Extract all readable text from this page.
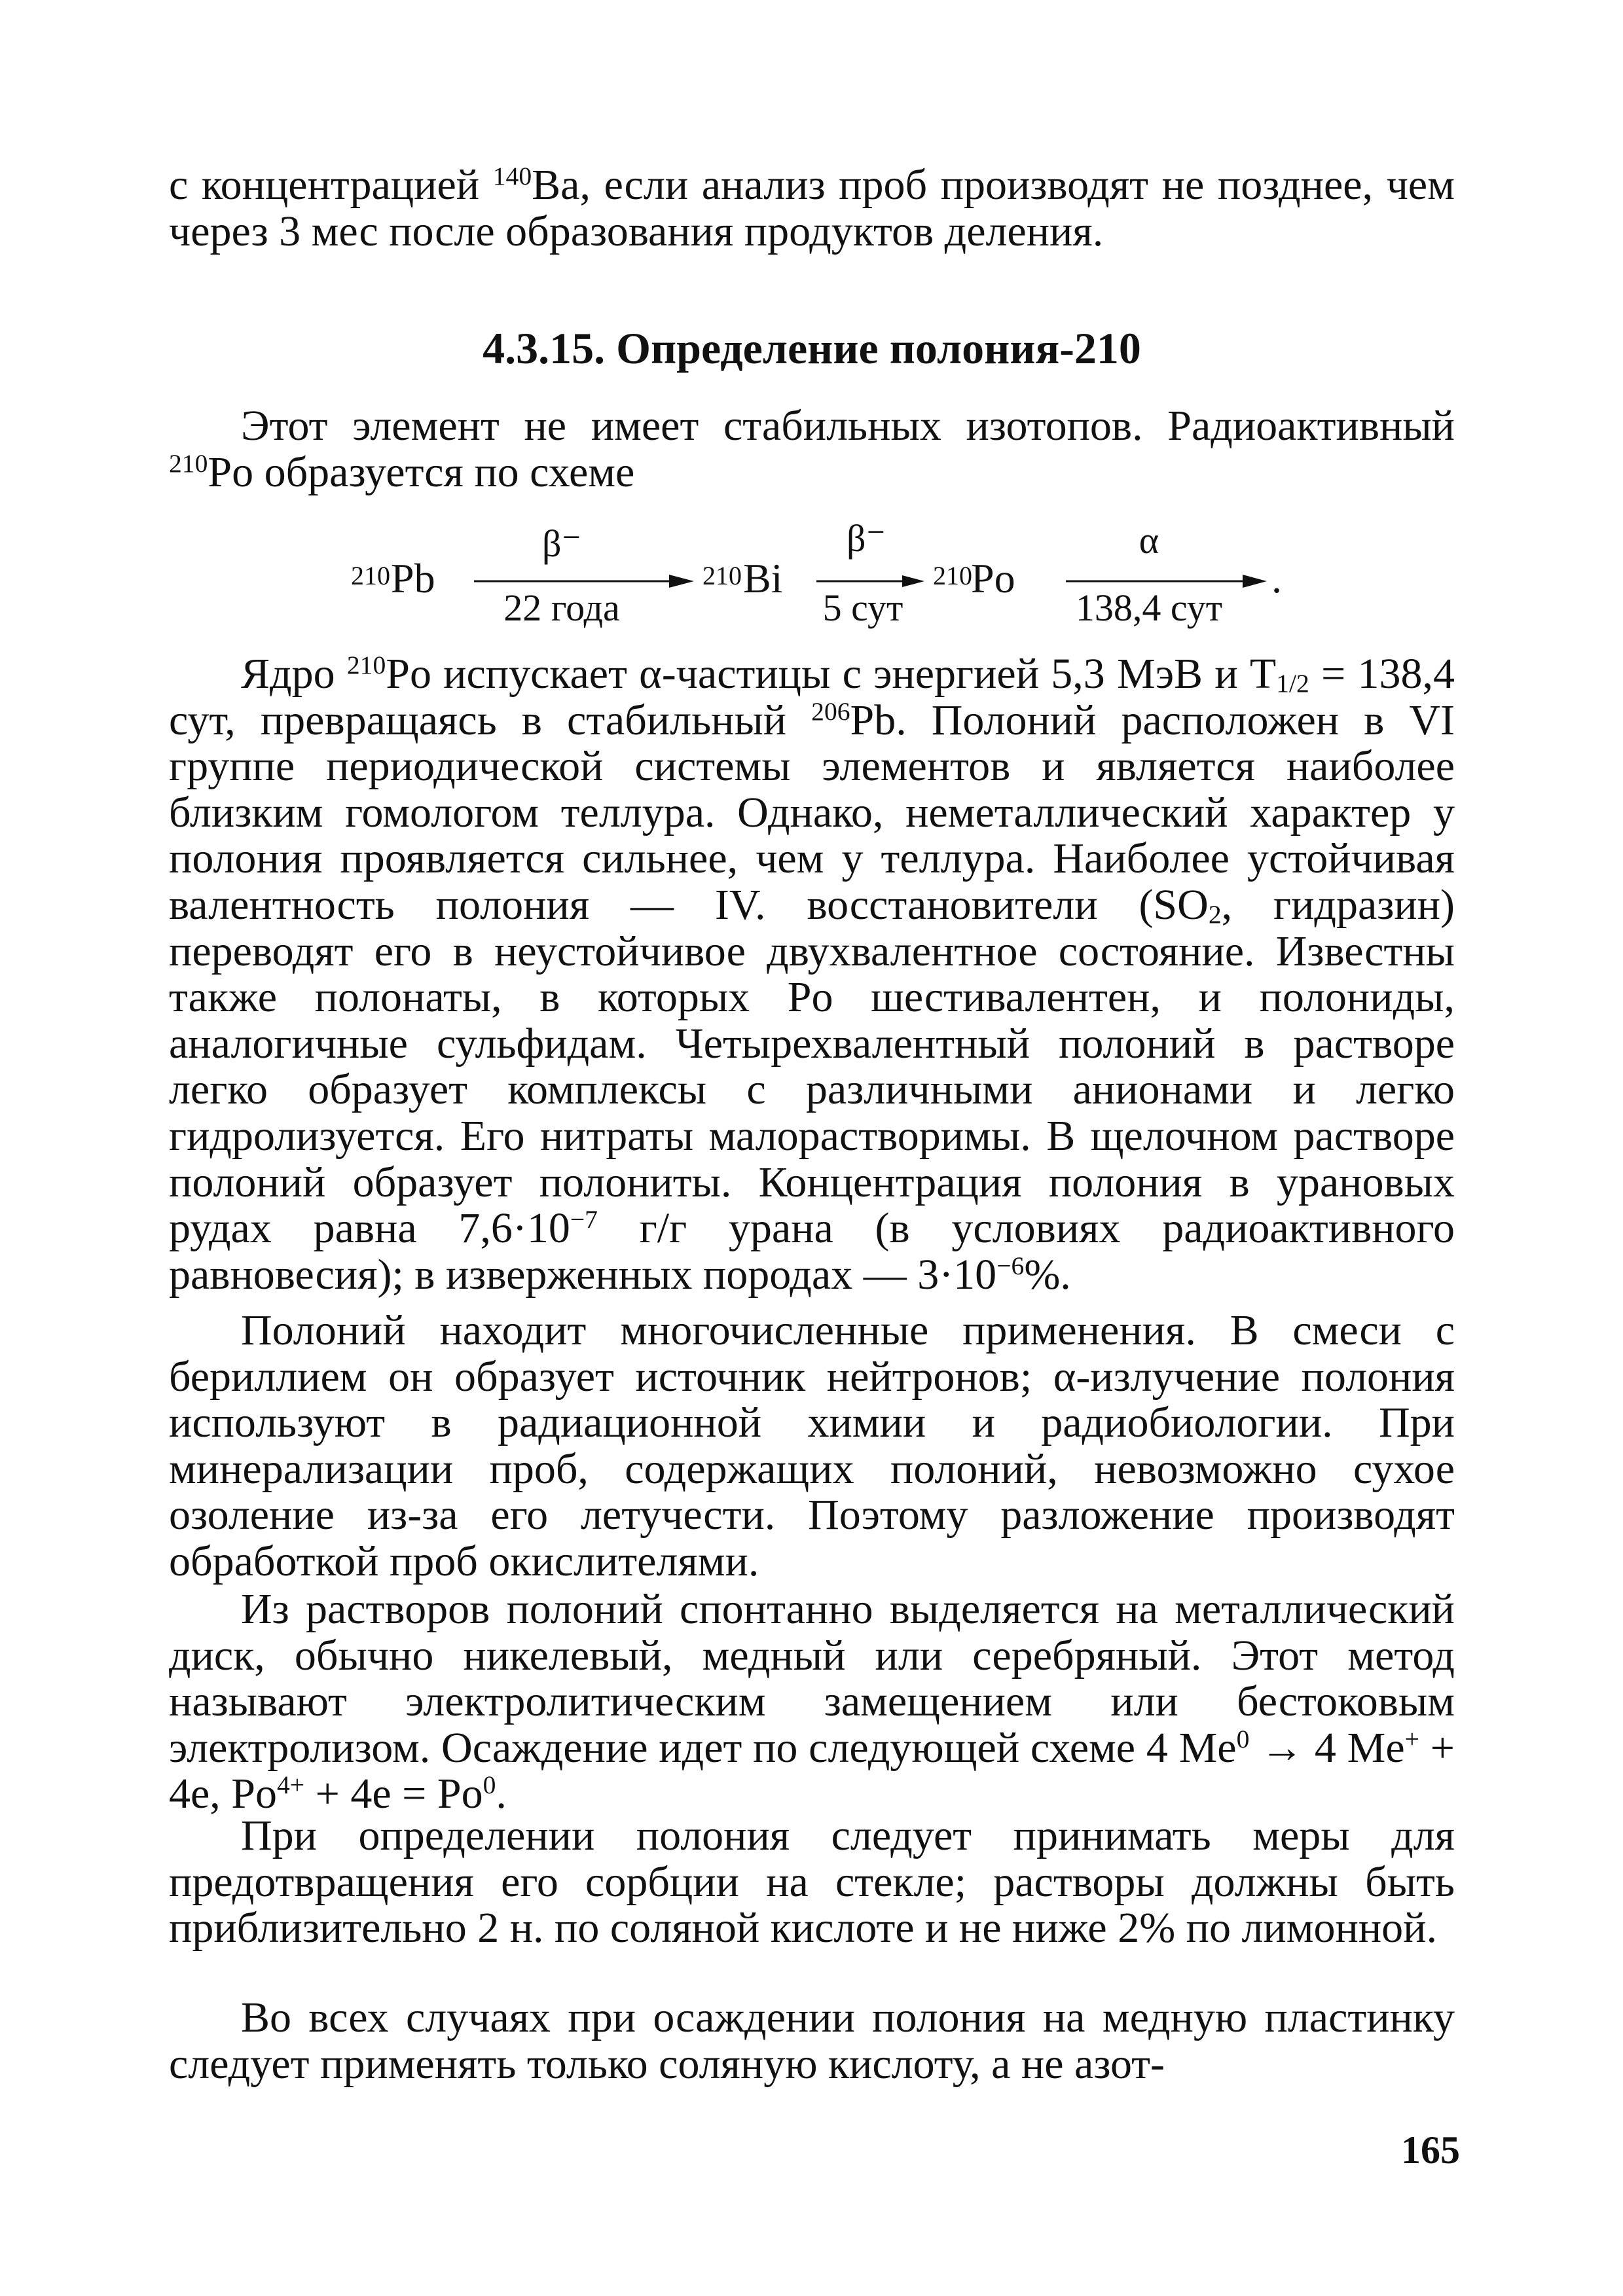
с концентрацией $^{140}$Ba, если анализ проб производят не позднее, чем через 3 мес после образования продуктов деления.

4.3.15. Определение полония-210

Этот элемент не имеет стабильных изотопов. Радиоактивный $^{210}$Po образуется по схеме

210 Pb
β⁻
22 года
210 Bi
β⁻
5 сут
210
Po
α
.
138,4 сут

Ядро $^{210}$Po испускает α-частицы с энергией 5,3 МэВ и $T_{1/2} = 138,4$ сут, превращаясь в стабильный $^{206}$Pb. Полоний расположен в VI группе периодической системы элементов и является наиболее близким гомологом теллура. Однако, неметаллический характер у полония проявляется сильнее, чем у теллура. Наиболее устойчивая валентность полония — IV. восстановители ($SO_2$, гидразин) переводят его в неустойчивое двухвалентное состояние. Известны также полонаты, в которых Po шестивалентен, и полониды, аналогичные сульфидам. Четырехвалентный полоний в растворе легко образует комплексы с различными анионами и легко гидролизуется. Его нитраты малорастворимы. В щелочном растворе полоний образует полониты. Концентрация полония в урановых рудах равна $7,6\cdot 10^{-7}$ г/г урана (в условиях радиоактивного равновесия); в изверженных породах — $3\cdot 10^{-6}\%$.

Полоний находит многочисленные применения. В смеси с бериллием он образует источник нейтронов; α-излучение полония используют в радиационной химии и радиобиологии. При минерализации проб, содержащих полоний, невозможно сухое озоление из-за его летучести. Поэтому разложение производят обработкой проб окислителями.

Из растворов полоний спонтанно выделяется на металлический диск, обычно никелевый, медный или серебряный. Этот метод называют электролитическим замещением или бестоковым электролизом. Осаждение идет по следующей схеме 4 $Me^0 \to 4$ Me+ + 4e, $Po^{4+} + 4e = Po^0$.

При определении полония следует принимать меры для предотвращения его сорбции на стекле; растворы должны быть приблизительно 2 н. по соляной кислоте и не ниже 2% по лимонной.

Во всех случаях при осаждении полония на медную пластинку следует применять только соляную кислоту, а не азот-

165
